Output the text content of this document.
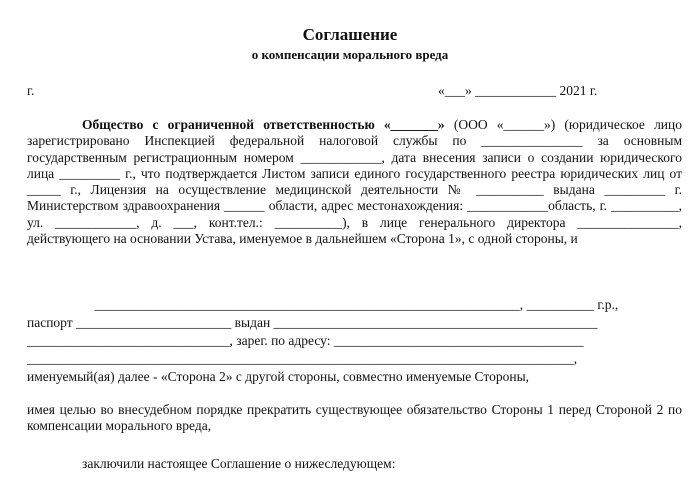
Соглашение
о компенсации морального вреда
г.	«___» ____________ 2021 г.
Общество с ограниченной ответственностью «_______» (ООО «______») (юридическое лицо зарегистрировано Инспекцией федеральной налоговой службы по _______________ за основным государственным регистрационным номером ____________, дата внесения записи о создании юридического лица _________ г., что подтверждается Листом записи единого государственного реестра юридических лиц от _____ г., Лицензия на осуществление медицинской деятельности № __________ выдана _________ г. Министерством здравоохранения ______ области, адрес местонахождения: ____________область, г. __________, ул. ____________, д. ___, конт.тел.: __________), в лице генерального директора _______________, действующего на основании Устава, именуемое в дальнейшем «Сторона 1», с одной стороны, и
_______________________________________________________________, __________ г.р.,
паспорт _______________________ выдан ________________________________________________
______________________________, зарег. по адресу: _____________________________________
_________________________________________________________________________________,
именуемый(ая) далее - «Сторона 2» с другой стороны, совместно именуемые Стороны,
имея целью во внесудебном порядке прекратить существующее обязательство Стороны 1 перед Стороной 2 по компенсации морального вреда,
заключили настоящее Соглашение о нижеследующем:
